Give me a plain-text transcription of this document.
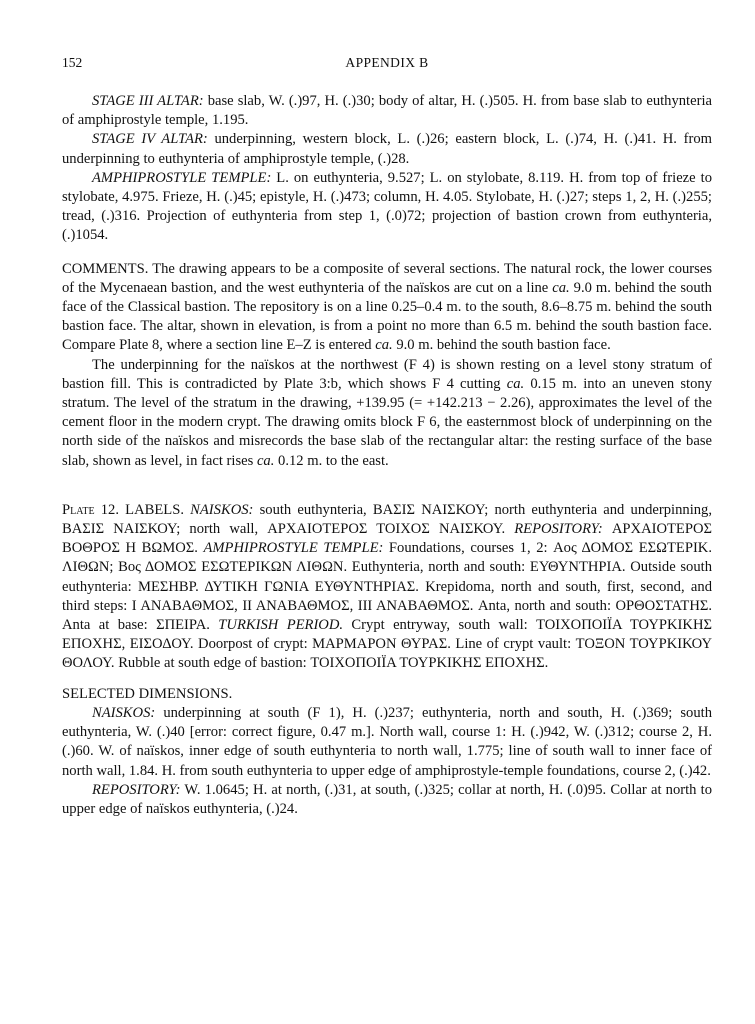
152	APPENDIX B

STAGE III ALTAR: base slab, W. (.)97, H. (.)30; body of altar, H. (.)505. H. from base slab to euthynteria of amphiprostyle temple, 1.195.

STAGE IV ALTAR: underpinning, western block, L. (.)26; eastern block, L. (.)74, H. (.)41. H. from underpinning to euthynteria of amphiprostyle temple, (.)28.

AMPHIPROSTYLE TEMPLE: L. on euthynteria, 9.527; L. on stylobate, 8.119. H. from top of frieze to stylobate, 4.975. Frieze, H. (.)45; epistyle, H. (.)473; column, H. 4.05. Stylobate, H. (.)27; steps 1, 2, H. (.)255; tread, (.)316. Projection of euthynteria from step 1, (.0)72; projection of bastion crown from euthynteria, (.)1054.

COMMENTS. The drawing appears to be a composite of several sections. The natural rock, the lower courses of the Mycenaean bastion, and the west euthynteria of the naïskos are cut on a line ca. 9.0 m. behind the south face of the Classical bastion. The repository is on a line 0.25–0.4 m. to the south, 8.6–8.75 m. behind the south bastion face. The altar, shown in elevation, is from a point no more than 6.5 m. behind the south bastion face. Compare Plate 8, where a section line E–Z is entered ca. 9.0 m. behind the south bastion face.

The underpinning for the naïskos at the northwest (F 4) is shown resting on a level stony stratum of bastion fill. This is contradicted by Plate 3:b, which shows F 4 cutting ca. 0.15 m. into an uneven stony stratum. The level of the stratum in the drawing, +139.95 (= +142.213 − 2.26), approximates the level of the cement floor in the modern crypt. The drawing omits block F 6, the easternmost block of underpinning on the north side of the naïskos and misrecords the base slab of the rectangular altar: the resting surface of the base slab, shown as level, in fact rises ca. 0.12 m. to the east.

Plate 12. LABELS. NAISKOS: south euthynteria, ΒΑΣΙΣ ΝΑΙΣΚΟΥ; north euthynteria and underpinning, ΒΑΣΙΣ ΝΑΙΣΚΟΥ; north wall, ΑΡΧΑΙΟΤΕΡΟΣ ΤΟΙΧΟΣ ΝΑΙΣΚΟΥ. REPOSITORY: ΑΡΧΑΙΟΤΕΡΟΣ ΒΟΘΡΟΣ Η ΒΩΜΟΣ. AMPHIPROSTYLE TEMPLE: Foundations, courses 1, 2: Αος ΔΟΜΟΣ ΕΣΩΤΕΡΙΚ. ΛΙΘΩΝ; Βος ΔΟΜΟΣ ΕΣΩΤΕΡΙΚΩΝ ΛΙΘΩΝ. Euthynteria, north and south: ΕΥΘΥΝΤΗΡΙΑ. Outside south euthynteria: ΜΕΣΗΒΡ. ΔΥΤΙΚΗ ΓΩΝΙΑ ΕΥΘΥΝΤΗΡΙΑΣ. Krepidoma, north and south, first, second, and third steps: Ι ΑΝΑΒΑΘΜΟΣ, ΙΙ ΑΝΑΒΑΘΜΟΣ, ΙΙΙ ΑΝΑΒΑΘΜΟΣ. Anta, north and south: ΟΡΘΟΣΤΑΤΗΣ. Anta at base: ΣΠΕΙΡΑ. TURKISH PERIOD. Crypt entryway, south wall: ΤΟΙΧΟΠΟΙΪΑ ΤΟΥΡΚΙΚΗΣ ΕΠΟΧΗΣ, ΕΙΣΟΔΟΥ. Doorpost of crypt: ΜΑΡΜΑΡΟΝ ΘΥΡΑΣ. Line of crypt vault: ΤΟΞΟΝ ΤΟΥΡΚΙΚΟΥ ΘΟΛΟΥ. Rubble at south edge of bastion: ΤΟΙΧΟΠΟΙΪΑ ΤΟΥΡΚΙΚΗΣ ΕΠΟΧΗΣ.

SELECTED DIMENSIONS.

NAISKOS: underpinning at south (F 1), H. (.)237; euthynteria, north and south, H. (.)369; south euthynteria, W. (.)40 [error: correct figure, 0.47 m.]. North wall, course 1: H. (.)942, W. (.)312; course 2, H. (.)60. W. of naïskos, inner edge of south euthynteria to north wall, 1.775; line of south wall to inner face of north wall, 1.84. H. from south euthynteria to upper edge of amphiprostyle-temple foundations, course 2, (.)42.

REPOSITORY: W. 1.0645; H. at north, (.)31, at south, (.)325; collar at north, H. (.0)95. Collar at north to upper edge of naïskos euthynteria, (.)24.
